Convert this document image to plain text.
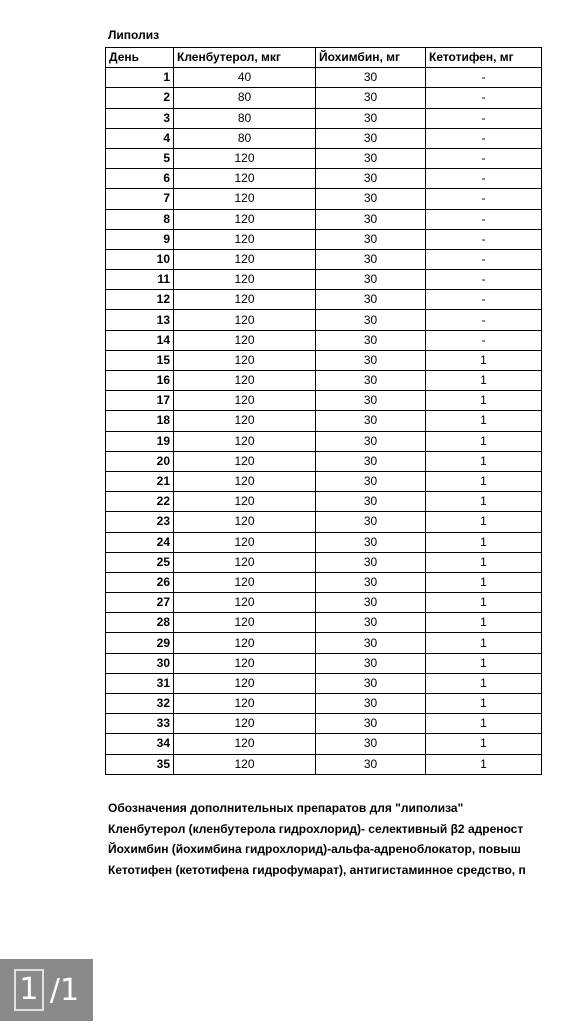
Липолиз
День	Кленбутерол, мкг	Йохимбин, мг	Кетотифен, мг
1	40	30	-
2	80	30	-
3	80	30	-
4	80	30	-
5	120	30	-
6	120	30	-
7	120	30	-
8	120	30	-
9	120	30	-
10	120	30	-
11	120	30	-
12	120	30	-
13	120	30	-
14	120	30	-
15	120	30	1
16	120	30	1
17	120	30	1
18	120	30	1
19	120	30	1
20	120	30	1
21	120	30	1
22	120	30	1
23	120	30	1
24	120	30	1
25	120	30	1
26	120	30	1
27	120	30	1
28	120	30	1
29	120	30	1
30	120	30	1
31	120	30	1
32	120	30	1
33	120	30	1
34	120	30	1
35	120	30	1
Обозначения дополнительных препаратов для "липолиза"
Кленбутерол (кленбутерола гидрохлорид)- селективный β2 адреност
Йохимбин (йохимбина гидрохлорид)-альфа-адреноблокатор, повыш
Кетотифен (кетотифена гидрофумарат), антигистаминное средство, п
1 /1
